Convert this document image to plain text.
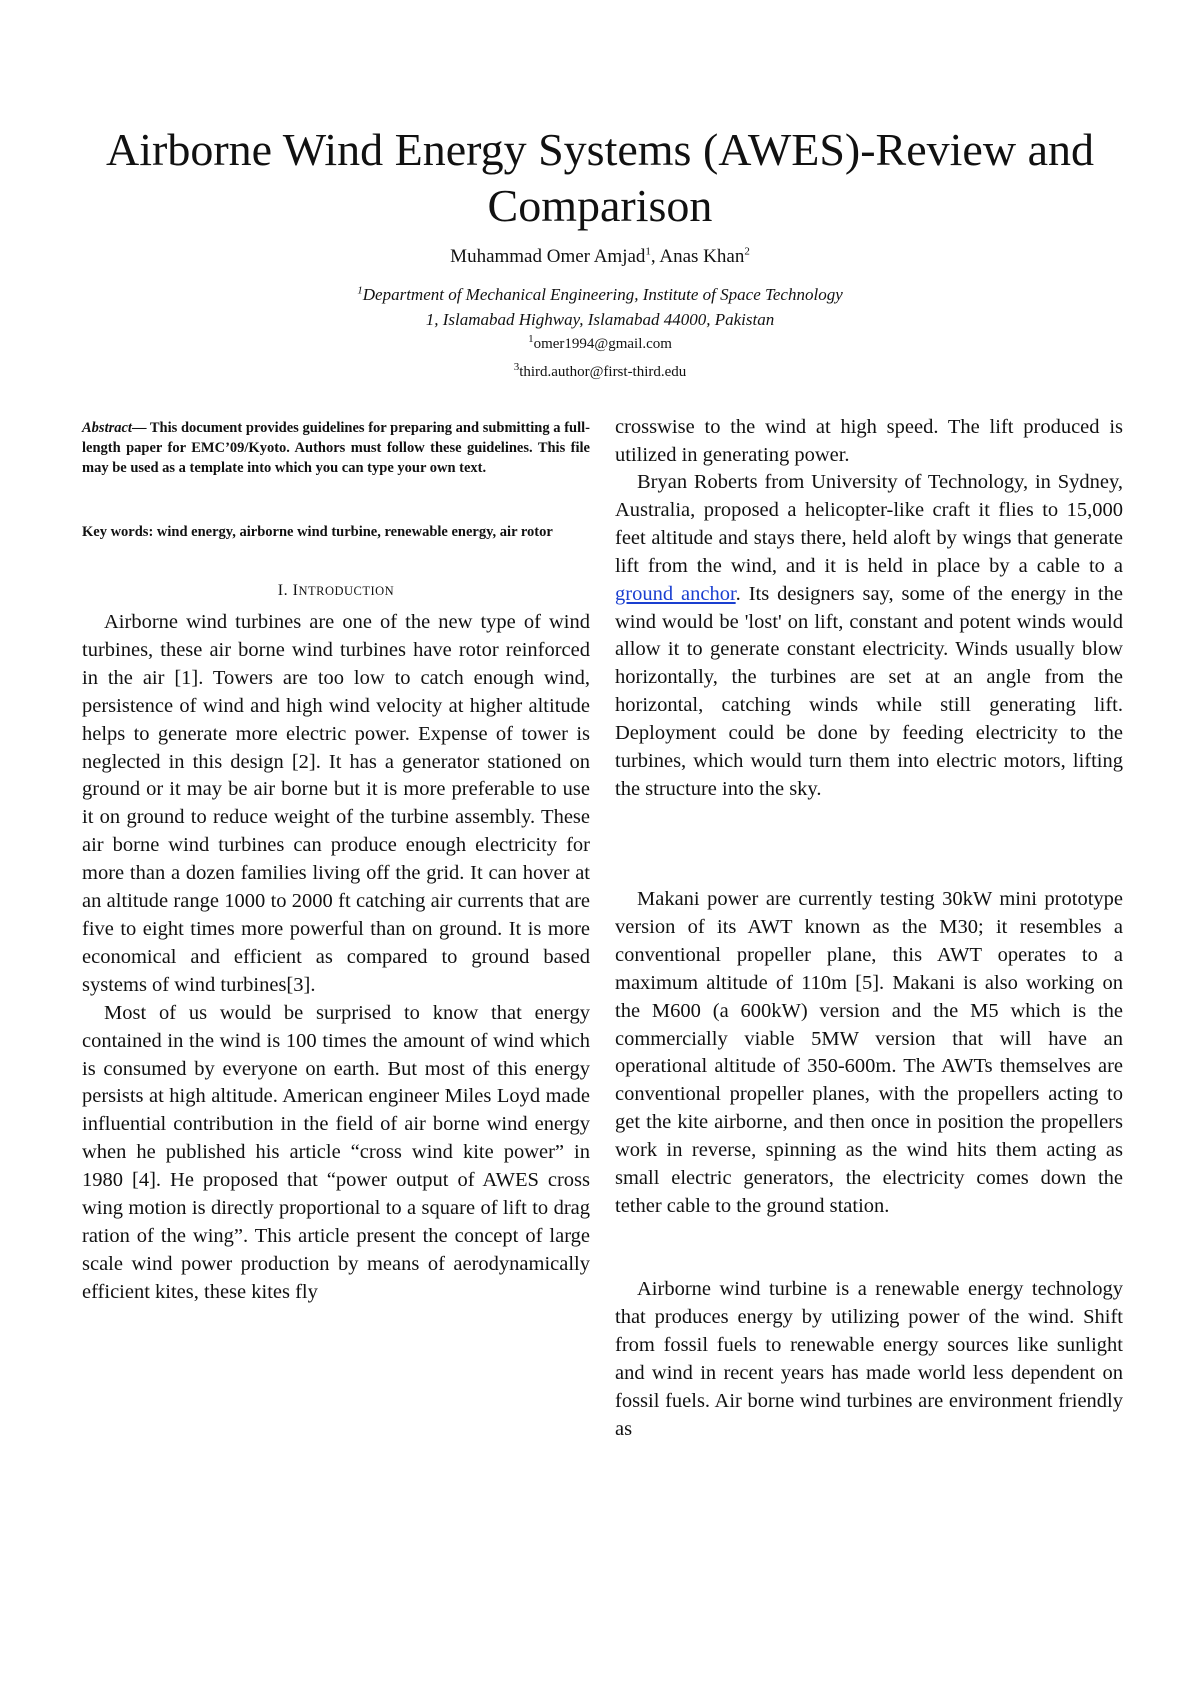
Airborne Wind Energy Systems (AWES)-Review and Comparison
Muhammad Omer Amjad$^1$, Anas Khan$^2$
$^1$Department of Mechanical Engineering, Institute of Space Technology
1, Islamabad Highway, Islamabad 44000, Pakistan
$^1$omer1994@gmail.com
$^3$third.author@first-third.edu
Abstract— This document provides guidelines for preparing and submitting a full-length paper for EMC’09/Kyoto. Authors must follow these guidelines. This file may be used as a template into which you can type your own text.
Key words: wind energy, airborne wind turbine, renewable energy, air rotor
I. INTRODUCTION

Airborne wind turbines are one of the new type of wind turbines, these air borne wind turbines have rotor reinforced in the air [1]. Towers are too low to catch enough wind, persistence of wind and high wind velocity at higher altitude helps to generate more electric power. Expense of tower is neglected in this design [2]. It has a generator stationed on ground or it may be air borne but it is more preferable to use it on ground to reduce weight of the turbine assembly. These air borne wind turbines can produce enough electricity for more than a dozen families living off the grid. It can hover at an altitude range 1000 to 2000 ft catching air currents that are five to eight times more powerful than on ground. It is more economical and efficient as compared to ground based systems of wind turbines[3].

Most of us would be surprised to know that energy contained in the wind is 100 times the amount of wind which is consumed by everyone on earth. But most of this energy persists at high altitude. American engineer Miles Loyd made influential contribution in the field of air borne wind energy when he published his article “cross wind kite power” in 1980 [4]. He proposed that “power output of AWES cross wing motion is directly proportional to a square of lift to drag ration of the wing”. This article present the concept of large scale wind power production by means of aerodynamically efficient kites, these kites fly

crosswise to the wind at high speed. The lift produced is utilized in generating power.

Bryan Roberts from University of Technology, in Sydney, Australia, proposed a helicopter-like craft it flies to 15,000 feet altitude and stays there, held aloft by wings that generate lift from the wind, and it is held in place by a cable to a ground anchor. Its designers say, some of the energy in the wind would be 'lost' on lift, constant and potent winds would allow it to generate constant electricity. Winds usually blow horizontally, the turbines are set at an angle from the horizontal, catching winds while still generating lift. Deployment could be done by feeding electricity to the turbines, which would turn them into electric motors, lifting the structure into the sky.

Makani power are currently testing 30kW mini prototype version of its AWT known as the M30; it resembles a conventional propeller plane, this AWT operates to a maximum altitude of 110m [5]. Makani is also working on the M600 (a 600kW) version and the M5 which is the commercially viable 5MW version that will have an operational altitude of 350-600m. The AWTs themselves are conventional propeller planes, with the propellers acting to get the kite airborne, and then once in position the propellers work in reverse, spinning as the wind hits them acting as small electric generators, the electricity comes down the tether cable to the ground station.

Airborne wind turbine is a renewable energy technology that produces energy by utilizing power of the wind. Shift from fossil fuels to renewable energy sources like sunlight and wind in recent years has made world less dependent on fossil fuels. Air borne wind turbines are environment friendly as
